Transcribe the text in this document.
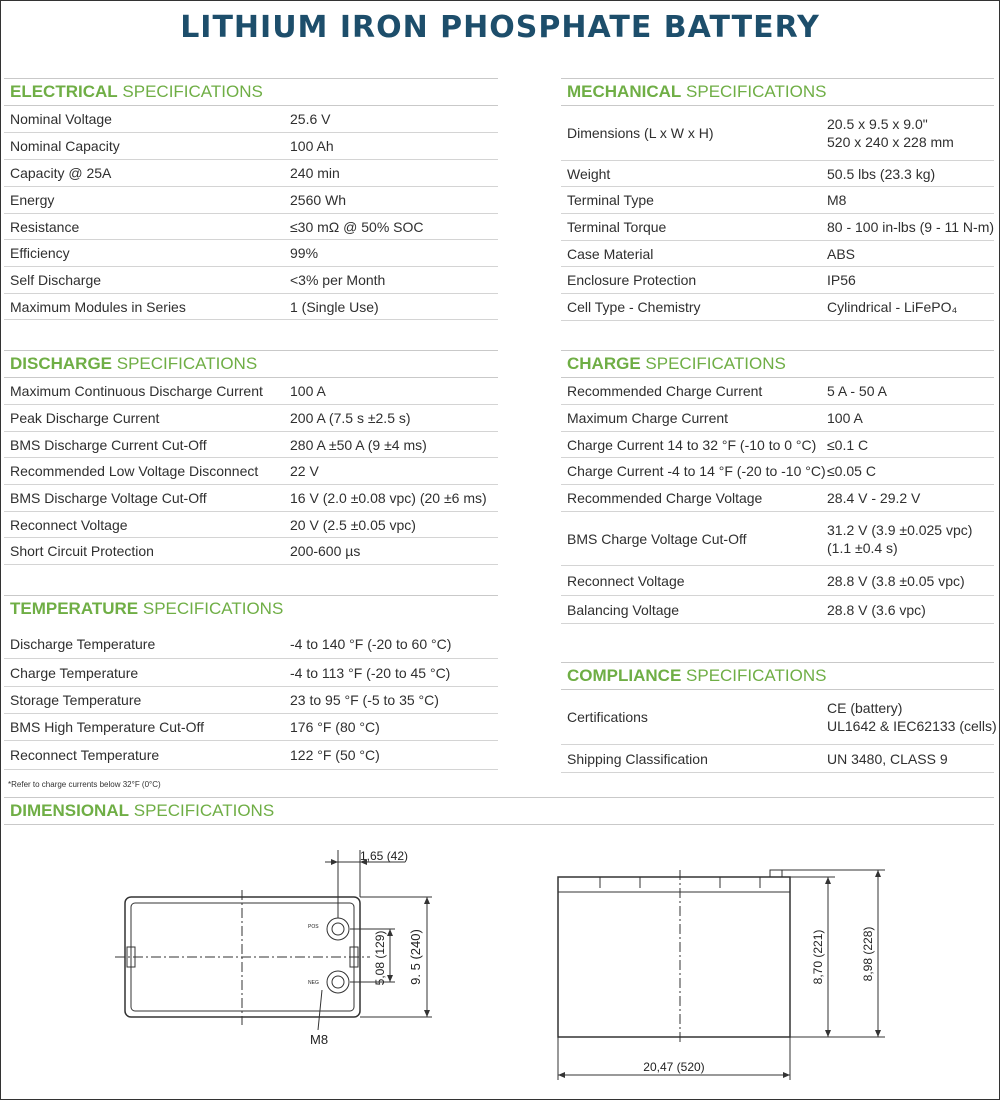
LITHIUM IRON PHOSPHATE BATTERY
ELECTRICAL SPECIFICATIONS
Nominal Voltage	25.6 V
Nominal Capacity	100 Ah
Capacity @ 25A	240 min
Energy	2560 Wh
Resistance	≤30 mΩ @ 50% SOC
Efficiency	99%
Self Discharge	<3% per Month
Maximum Modules in Series	1 (Single Use)
DISCHARGE SPECIFICATIONS
Maximum Continuous Discharge Current	100 A
Peak Discharge Current	200 A (7.5 s ±2.5 s)
BMS Discharge Current Cut-Off	280 A ±50 A (9 ±4 ms)
Recommended Low Voltage Disconnect	22 V
BMS Discharge Voltage Cut-Off	16 V (2.0 ±0.08 vpc) (20 ±6 ms)
Reconnect Voltage	20 V (2.5 ±0.05 vpc)
Short Circuit Protection	200-600 µs
TEMPERATURE SPECIFICATIONS
Discharge Temperature	-4 to 140 °F (-20 to 60 °C)
Charge Temperature	-4 to 113 °F (-20 to 45 °C)
Storage Temperature	23 to 95 °F (-5 to 35 °C)
BMS High Temperature Cut-Off	176 °F (80 °C)
Reconnect Temperature	122 °F (50 °C)
*Refer to charge currents below 32°F (0°C)
MECHANICAL SPECIFICATIONS
Dimensions (L x W x H)
20.5 x 9.5 x 9.0"
520 x 240 x 228 mm
Weight	50.5 lbs (23.3 kg)
Terminal Type	M8
Terminal Torque	80 - 100 in-lbs (9 - 11 N-m)
Case Material	ABS
Enclosure Protection	IP56
Cell Type - Chemistry	Cylindrical - LiFePO₄
CHARGE SPECIFICATIONS
Recommended Charge Current	5 A - 50 A
Maximum Charge Current	100 A
Charge Current 14 to 32 °F (-10 to 0 °C) ≤0.1 C
Charge Current -4 to 14 °F (-20 to -10 °C) ≤0.05 C
Recommended Charge Voltage	28.4 V - 29.2 V
BMS Charge Voltage Cut-Off
31.2 V (3.9 ±0.025 vpc)
(1.1 ±0.4 s)
Reconnect Voltage	28.8 V (3.8 ±0.05 vpc)
Balancing Voltage	28.8 V (3.6 vpc)
COMPLIANCE SPECIFICATIONS
Certifications
CE (battery)
UL1642 & IEC62133 (cells)
Shipping Classification	UN 3480, CLASS 9
DIMENSIONAL SPECIFICATIONS
1,65 (42)
5,08 (129) 9. 5 (240)
M8
POS
NEG
20,47 (520)
8,70 (221)	8,98 (228)
